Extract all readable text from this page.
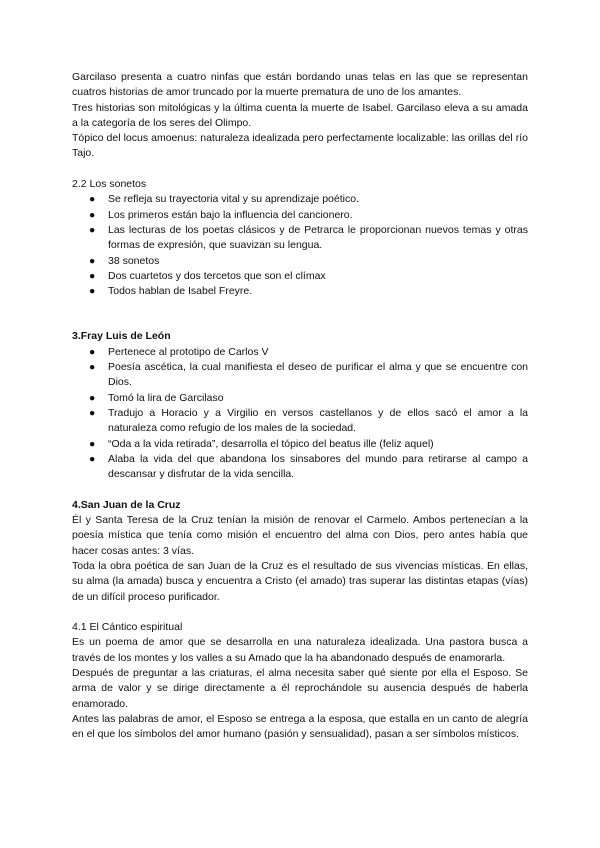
Garcilaso presenta a cuatro ninfas que están bordando unas telas en las que se representan cuatros historias de amor truncado por la muerte prematura de uno de los amantes.

Tres historias son mitológicas y la última cuenta la muerte de Isabel. Garcilaso eleva a su amada a la categoría de los seres del Olimpo.

Tópico del locus amoenus: naturaleza idealizada pero perfectamente localizable: las orillas del río Tajo.

2.2 Los sonetos

● Se refleja su trayectoria vital y su aprendizaje poético.
● Los primeros están bajo la influencia del cancionero.
● Las lecturas de los poetas clásicos y de Petrarca le proporcionan nuevos temas y otras formas de expresión, que suavizan su lengua.
● 38 sonetos
● Dos cuartetos y dos tercetos que son el clímax
● Todos hablan de Isabel Freyre.

3.Fray Luis de León

● Pertenece al prototipo de Carlos V
● Poesía ascética, la cual manifiesta el deseo de purificar el alma y que se encuentre con Dios.
● Tomó la lira de Garcilaso
● Tradujo a Horacio y a Virgilio en versos castellanos y de ellos sacó el amor a la naturaleza como refugio de los males de la sociedad.
● “Oda a la vida retirada”, desarrolla el tópico del beatus ille (feliz aquel)
● Alaba la vida del que abandona los sinsabores del mundo para retirarse al campo a descansar y disfrutar de la vida sencilla.

4.San Juan de la Cruz

Él y Santa Teresa de la Cruz tenían la misión de renovar el Carmelo. Ambos pertenecían a la poesía mística que tenía como misión el encuentro del alma con Dios, pero antes había que hacer cosas antes: 3 vías.

Toda la obra poética de san Juan de la Cruz es el resultado de sus vivencias místicas. En ellas, su alma (la amada) busca y encuentra a Cristo (el amado) tras superar las distintas etapas (vías) de un difícil proceso purificador.

4.1 El Cántico espiritual

Es un poema de amor que se desarrolla en una naturaleza idealizada. Una pastora busca a través de los montes y los valles a su Amado que la ha abandonado después de enamorarla.

Después de preguntar a las criaturas, el alma necesita saber qué siente por ella el Esposo. Se arma de valor y se dirige directamente a él reprochándole su ausencia después de haberla enamorado.

Antes las palabras de amor, el Esposo se entrega a la esposa, que estalla en un canto de alegría en el que los símbolos del amor humano (pasión y sensualidad), pasan a ser símbolos místicos.
